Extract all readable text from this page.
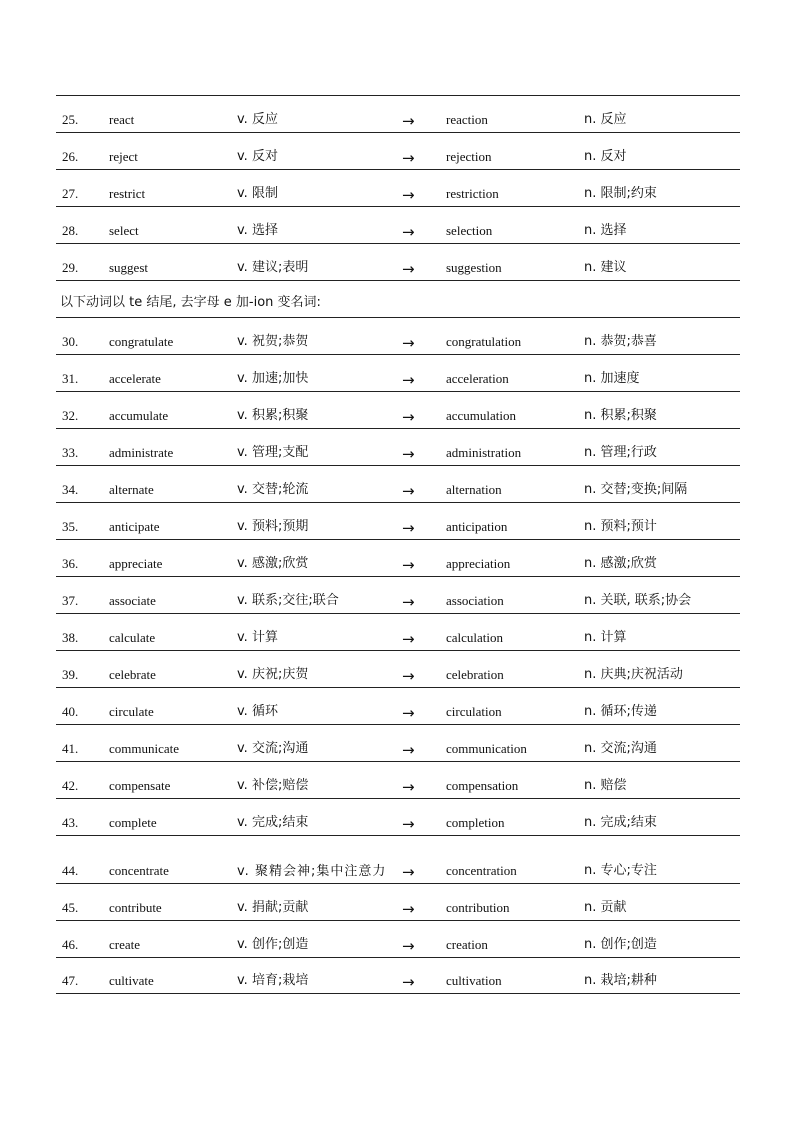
25. react	v. 反应	→ reaction	n. 反应
26. reject	v. 反对	→ rejection	n. 反对
27. restrict	v. 限制	→ restriction	n. 限制;约束
28. select	v. 选择	→ selection	n. 选择
29. suggest	v. 建议;表明	→ suggestion	n. 建议
以下动词以 te 结尾, 去字母 e 加-ion 变名词:
30. congratulate	v. 祝贺;恭贺	→ congratulation	n. 恭贺;恭喜
31. accelerate	v. 加速;加快	→ acceleration	n. 加速度
32. accumulate	v. 积累;积聚	→ accumulation	n. 积累;积聚
33. administrate	v. 管理;支配	→ administration	n. 管理;行政
34. alternate	v. 交替;轮流	→ alternation	n. 交替;变换;间隔
35. anticipate	v. 预料;预期	→ anticipation	n. 预料;预计
36. appreciate	v. 感激;欣赏	→ appreciation	n. 感激;欣赏
37. associate	v. 联系;交往;联合	→ association	n. 关联, 联系;协会
38. calculate	v. 计算	→ calculation	n. 计算
39. celebrate	v. 庆祝;庆贺	→ celebration	n. 庆典;庆祝活动
40. circulate	v. 循环	→ circulation	n. 循环;传递
41. communicate	v. 交流;沟通	→ communication	n. 交流;沟通
42. compensate	v. 补偿;赔偿	→ compensation	n. 赔偿
43. complete	v. 完成;结束	→ completion	n. 完成;结束
44. concentrate	v. 聚精会神;集中注意力	→ concentration	n. 专心;专注
45. contribute	v. 捐献;贡献	→ contribution	n. 贡献
46. create	v. 创作;创造	→ creation	n. 创作;创造
47. cultivate	v. 培育;栽培	→ cultivation	n. 栽培;耕种
